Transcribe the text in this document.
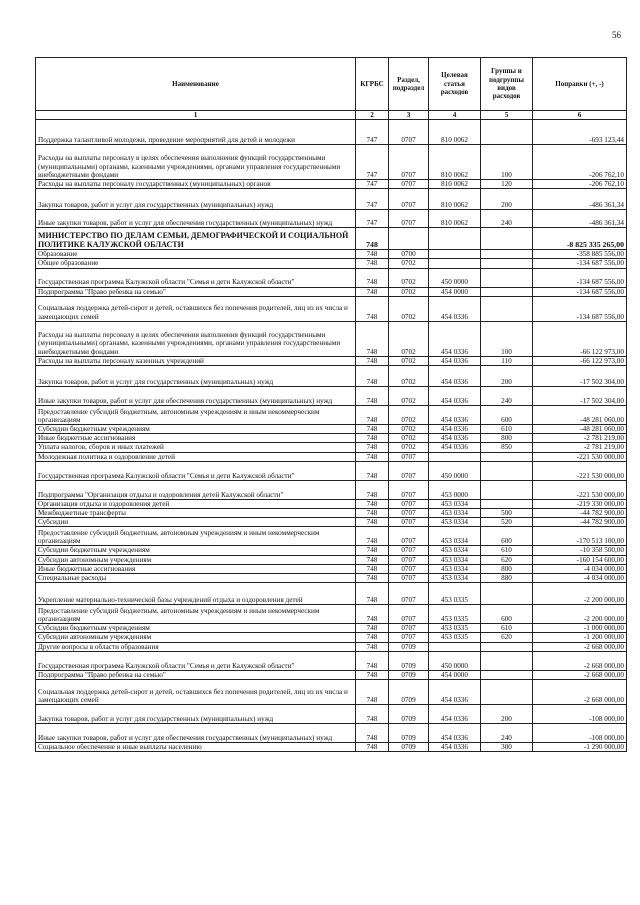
56
Наименование	КГРБС	Раздел, подраздел	Целевая статья расходов	Группы и подгруппы видов расходов	Поправки (+, -)
1	2	3	4	5	6
Поддержка талантливой молодежи, проведение мероприятий для детей и молодежи	747	0707	810 0062		-693 123,44
Расходы на выплаты персоналу в целях обеспечения выполнения функций государственными (муниципальными) органами, казенными учреждениями, органами управления государственными внебюджетными фондами	747	0707	810 0062	100	-206 762,10
Расходы на выплаты персоналу государственных (муниципальных) органов	747	0707	810 0062	120	-206 762,10
Закупка товаров, работ и услуг для государственных (муниципальных) нужд	747	0707	810 0062	200	-486 361,34
Иные закупки товаров, работ и услуг для обеспечения государственных (муниципальных) нужд	747	0707	810 0062	240	-486 361,34
МИНИСТЕРСТВО ПО ДЕЛАМ СЕМЬИ, ДЕМОГРАФИЧЕСКОЙ И СОЦИАЛЬНОЙ ПОЛИТИКЕ КАЛУЖСКОЙ ОБЛАСТИ	748				-8 825 335 265,00
Образование	748	0700			-358 885 556,00
Общее образование	748	0702			-134 687 556,00
Государственная программа Калужской области "Семья и дети Калужской области"	748	0702	450 0000		-134 687 556,00
Подпрограмма "Право ребенка на семью"	748	0702	454 0000		-134 687 556,00
Социальная поддержка детей-сирот и детей, оставшихся без попечения родителей, лиц из их числа и замещающих семей	748	0702	454 0336		-134 687 556,00
Расходы на выплаты персоналу в целях обеспечения выполнения функций государственными (муниципальными) органами, казенными учреждениями, органами управления государственными внебюджетными фондами	748	0702	454 0336	100	-66 122 973,00
Расходы на выплаты персоналу казенных учреждений	748	0702	454 0336	110	-66 122 973,00
Закупка товаров, работ и услуг для государственных (муниципальных) нужд	748	0702	454 0336	200	-17 502 304,00
Иные закупки товаров, работ и услуг для обеспечения государственных (муниципальных) нужд	748	0702	454 0336	240	-17 502 304,00
Предоставление субсидий бюджетным, автономным учреждениям и иным некоммерческим организациям	748	0702	454 0336	600	-48 281 060,00
Субсидии бюджетным учреждениям	748	0702	454 0336	610	-48 281 060,00
Иные бюджетные ассигнования	748	0702	454 0336	800	-2 781 219,00
Уплата налогов, сборов и иных платежей	748	0702	454 0336	850	-2 781 219,00
Молодежная политика и оздоровление детей	748	0707			-221 530 000,00
Государственная программа Калужской области "Семья и дети Калужской области"	748	0707	450 0000		-221 530 000,00
Подпрограмма "Организация отдыха и оздоровления детей Калужской области"	748	0707	453 0000		-221 530 000,00
Организация отдыха и оздоровления детей	748	0707	453 0334		-219 330 000,00
Межбюджетные трансферты	748	0707	453 0334	500	-44 782 900,00
Субсидии	748	0707	453 0334	520	-44 782 900,00
Предоставление субсидий бюджетным, автономным учреждениям и иным некоммерческим организациям	748	0707	453 0334	600	-170 513 100,00
Субсидии бюджетным учреждениям	748	0707	453 0334	610	-10 358 500,00
Субсидии автономным учреждениям	748	0707	453 0334	620	-160 154 600,00
Иные бюджетные ассигнования	748	0707	453 0334	800	-4 034 000,00
Специальные расходы	748	0707	453 0334	880	-4 034 000,00
Укрепление материально-технической базы учреждений отдыха и оздоровления детей	748	0707	453 0335		-2 200 000,00
Предоставление субсидий бюджетным, автономным учреждениям и иным некоммерческим организациям	748	0707	453 0335	600	-2 200 000,00
Субсидии бюджетным учреждениям	748	0707	453 0335	610	-1 000 000,00
Субсидии автономным учреждениям	748	0707	453 0335	620	-1 200 000,00
Другие вопросы в области образования	748	0709			-2 668 000,00
Государственная программа Калужской области "Семья и дети Калужской области"	748	0709	450 0000		-2 668 000,00
Подпрограмма "Право ребенка на семью"	748	0709	454 0000		-2 668 000,00
Социальная поддержка детей-сирот и детей, оставшихся без попечения родителей, лиц из их числа и замещающих семей	748	0709	454 0336		-2 668 000,00
Закупка товаров, работ и услуг для государственных (муниципальных) нужд	748	0709	454 0336	200	-108 000,00
Иные закупки товаров, работ и услуг для обеспечения государственных (муниципальных) нужд	748	0709	454 0336	240	-108 000,00
Социальное обеспечение и иные выплаты населению	748	0709	454 0336	300	-1 290 000,00
